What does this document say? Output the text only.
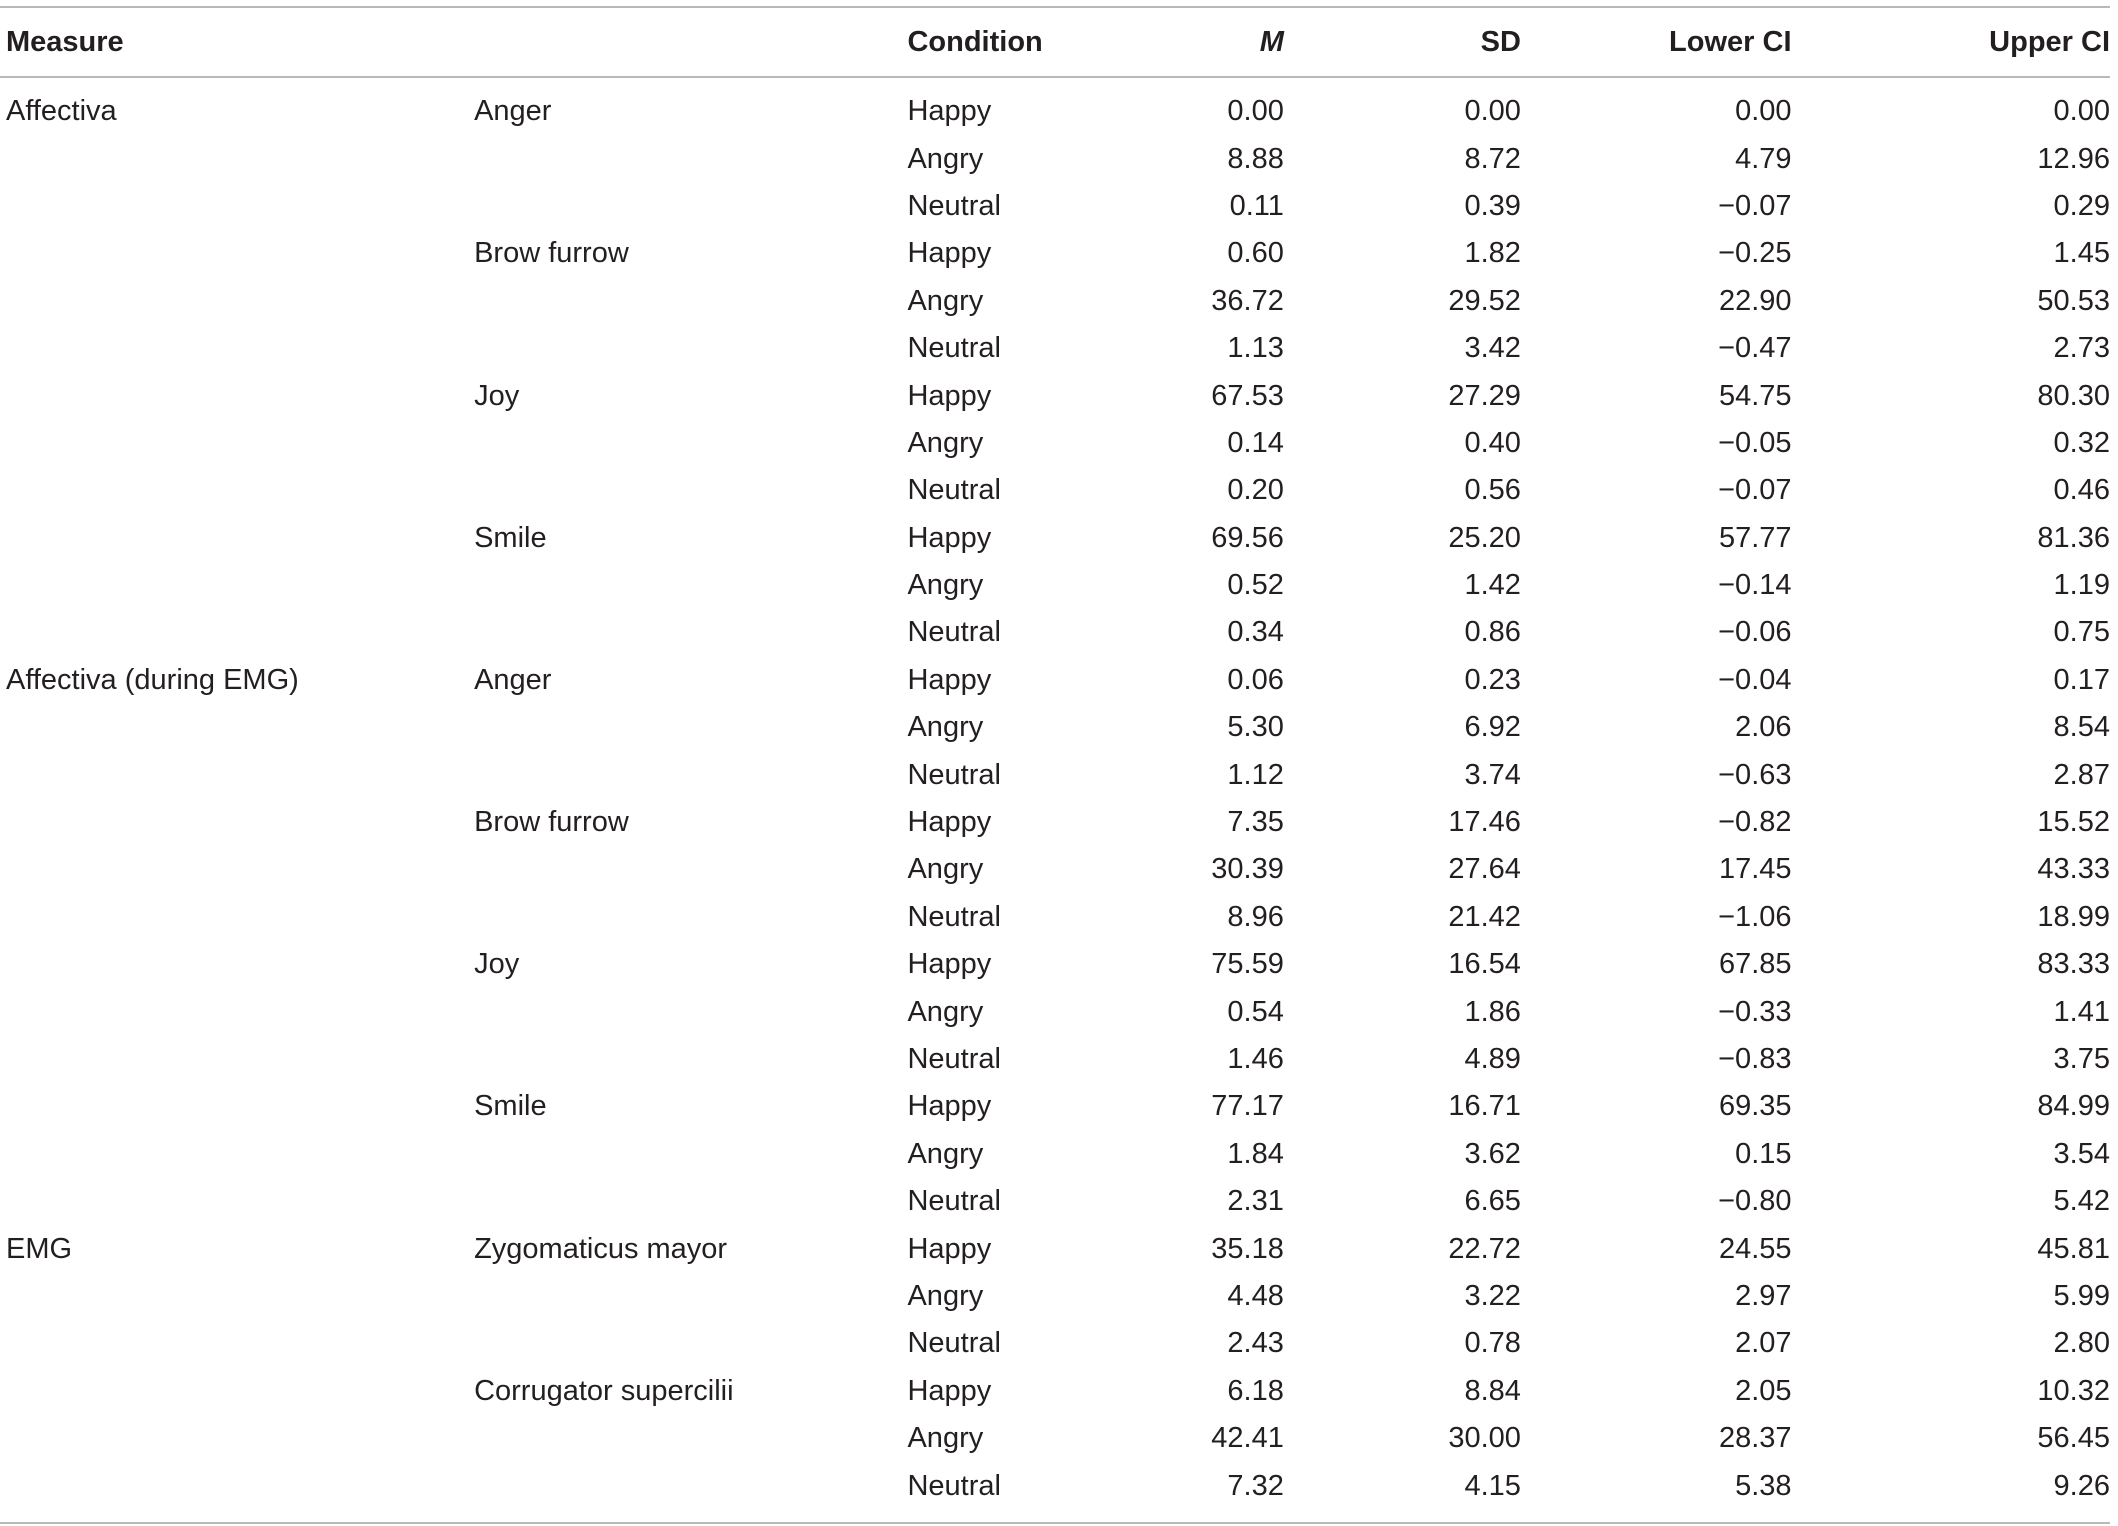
Measure		Condition	M	SD	Lower CI	Upper CI
Affectiva	Anger	Happy	0.00	0.00	0.00	0.00
		Angry	8.88	8.72	4.79	12.96
		Neutral	0.11	0.39	−0.07	0.29
	Brow furrow	Happy	0.60	1.82	−0.25	1.45
		Angry	36.72	29.52	22.90	50.53
		Neutral	1.13	3.42	−0.47	2.73
	Joy	Happy	67.53	27.29	54.75	80.30
		Angry	0.14	0.40	−0.05	0.32
		Neutral	0.20	0.56	−0.07	0.46
	Smile	Happy	69.56	25.20	57.77	81.36
		Angry	0.52	1.42	−0.14	1.19
		Neutral	0.34	0.86	−0.06	0.75
Affectiva (during EMG)	Anger	Happy	0.06	0.23	−0.04	0.17
		Angry	5.30	6.92	2.06	8.54
		Neutral	1.12	3.74	−0.63	2.87
	Brow furrow	Happy	7.35	17.46	−0.82	15.52
		Angry	30.39	27.64	17.45	43.33
		Neutral	8.96	21.42	−1.06	18.99
	Joy	Happy	75.59	16.54	67.85	83.33
		Angry	0.54	1.86	−0.33	1.41
		Neutral	1.46	4.89	−0.83	3.75
	Smile	Happy	77.17	16.71	69.35	84.99
		Angry	1.84	3.62	0.15	3.54
		Neutral	2.31	6.65	−0.80	5.42
EMG	Zygomaticus mayor	Happy	35.18	22.72	24.55	45.81
		Angry	4.48	3.22	2.97	5.99
		Neutral	2.43	0.78	2.07	2.80
	Corrugator supercilii	Happy	6.18	8.84	2.05	10.32
		Angry	42.41	30.00	28.37	56.45
		Neutral	7.32	4.15	5.38	9.26
